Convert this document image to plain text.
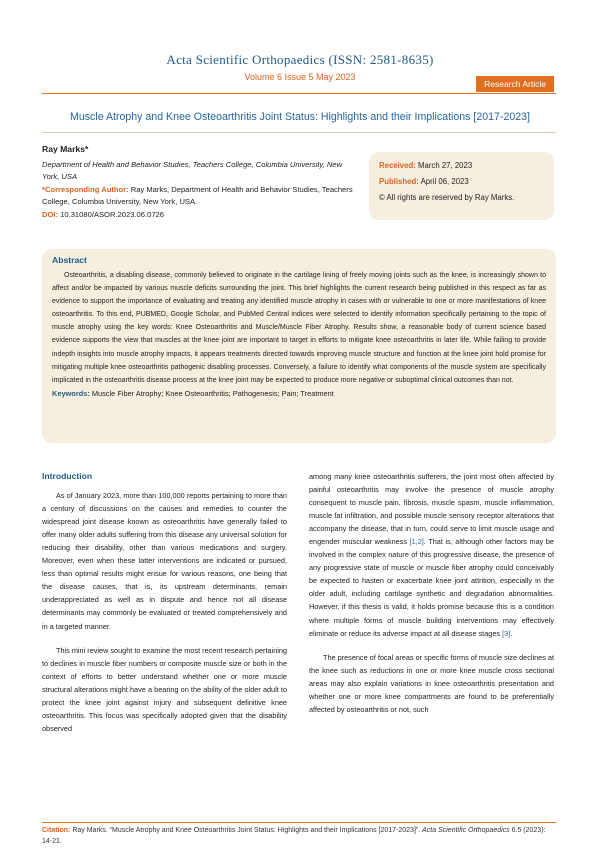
Acta Scientific Orthopaedics (ISSN: 2581-8635)
Volume 6 Issue 5 May 2023
Research Article
Muscle Atrophy and Knee Osteoarthritis Joint Status: Highlights and their Implications [2017-2023]
Ray Marks*
Department of Health and Behavior Studies, Teachers College, Columbia University, New York, USA
*Corresponding Author: Ray Marks, Department of Health and Behavior Studies, Teachers College, Columbia University, New York, USA.
DOI: 10.31080/ASOR.2023.06.0726
Received: March 27, 2023
Published: April 06, 2023
© All rights are reserved by Ray Marks.
Abstract
Osteoarthritis, a disabling disease, commonly believed to originate in the cartilage lining of freely moving joints such as the knee, is increasingly shown to affect and/or be impacted by various muscle deficits surrounding the joint. This brief highlights the current research being published in this respect as far as evidence to support the importance of evaluating and treating any identified muscle atrophy in cases with or vulnerable to one or more manifestations of knee osteoarthritis. To this end, PUBMED, Google Scholar, and PubMed Central indices were selected to identify information specifically pertaining to the topic of muscle atrophy using the key words: Knee Osteoarthritis and Muscle/Muscle Fiber Atrophy. Results show, a reasonable body of current science based evidence supports the view that muscles at the knee joint are important to target in efforts to mitigate knee osteoarthritis in later life. While failing to provide indepth insights into muscle atrophy impacts, it appears treatments directed towards improving muscle structure and function at the knee joint hold promise for mitigating multiple knee osteoarthritis pathogenic disabling processes. Conversely, a failure to identify what components of the muscle system are specifically implicated in the osteoarthritis disease process at the knee joint may be expected to produce more negative or suboptimal clinical outcomes than not.
Keywords: Muscle Fiber Atrophy; Knee Osteoarthritis; Pathogenesis; Pain; Treatment
Introduction

As of January 2023, more than 100,000 reports pertaining to more than a century of discussions on the causes and remedies to counter the widespread joint disease known as osteoarthritis have generally failed to offer many older adults suffering from this disease any universal solution for reducing their disability, other than various medications and surgery. Moreover, even when these latter interventions are indicated or pursued, less than optimal results might ensue for various reasons, one being that the disease causes, that is, its upstream determinants, remain underappreciated as well as in dispute and hence not all disease determinants may commonly be evaluated or treated comprehensively and in a targeted manner.

This mini review sought to examine the most recent research pertaining to declines in muscle fiber numbers or composite muscle size or both in the context of efforts to better understand whether one or more muscle structural alterations might have a bearing on the ability of the older adult to protect the knee joint against injury and subsequent definitive knee osteoarthritis. This focus was specifically adopted given that the disability observed

among many knee osteoarthritis sufferers, the joint most often affected by painful osteoarthritis may involve the presence of muscle atrophy consequent to muscle pain, fibrosis, muscle spasm, muscle inflammation, muscle fat infiltration, and possible muscle sensory receptor alterations that accompany the disease, that in turn, could serve to limit muscle usage and engender muscular weakness [1,2]. That is, although other factors may be involved in the complex nature of this progressive disease, the presence of any progressive state of muscle or muscle fiber atrophy could conceivably be expected to hasten or exacerbate knee joint attrition, especially in the older adult, including cartilage synthetic and degradation abnormalities. However, if this thesis is valid, it holds promise because this is a condition where multiple forms of muscle building interventions may effectively eliminate or reduce its adverse impact at all disease stages [3].

The presence of focal areas or specific forms of muscle size declines at the knee such as reductions in one or more knee muscle cross sectional areas may also explain variations in knee osteoarthritis presentation and whether one or more knee compartments are found to be preferentially affected by osteoarthritis or not, such

Citation: Ray Marks. “Muscle Atrophy and Knee Osteoarthritis Joint Status: Highlights and their Implications [2017-2023]”. Acta Scientific Orthopaedics 6.5 (2023): 14-21.
